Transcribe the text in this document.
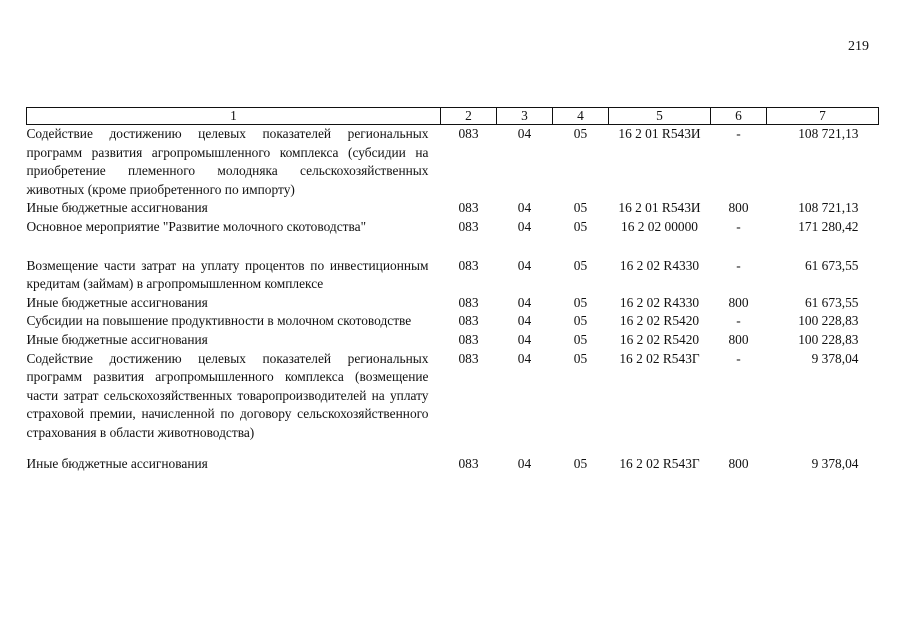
219
1	2	3	4	5	6	7
Содействие достижению целевых показателей региональных программ развития агропромышленного комплекса (субсидии на приобретение племенного молодняка сельскохозяйственных животных (кроме приобретенного по импорту)	083	04	05	16 2 01 R543И	-	108 721,13
Иные бюджетные ассигнования	083	04	05	16 2 01 R543И	800	108 721,13
Основное мероприятие "Развитие молочного скотоводства"	083	04	05	16 2 02 00000	-	171 280,42

Возмещение части затрат на уплату процентов по инвестиционным кредитам (займам) в агропромышленном комплексе	083	04	05	16 2 02 R4330	-	61 673,55
Иные бюджетные ассигнования	083	04	05	16 2 02 R4330	800	61 673,55
Субсидии на повышение продуктивности в молочном скотоводстве	083	04	05	16 2 02 R5420	-	100 228,83
Иные бюджетные ассигнования	083	04	05	16 2 02 R5420	800	100 228,83
Содействие достижению целевых показателей региональных программ развития агропромышленного комплекса (возмещение части затрат сельскохозяйственных товаропроизводителей на уплату страховой премии, начисленной по договору сельскохозяйственного страхования в области животноводства)	083	04	05	16 2 02 R543Г	-	9 378,04

Иные бюджетные ассигнования	083	04	05	16 2 02 R543Г	800	9 378,04
